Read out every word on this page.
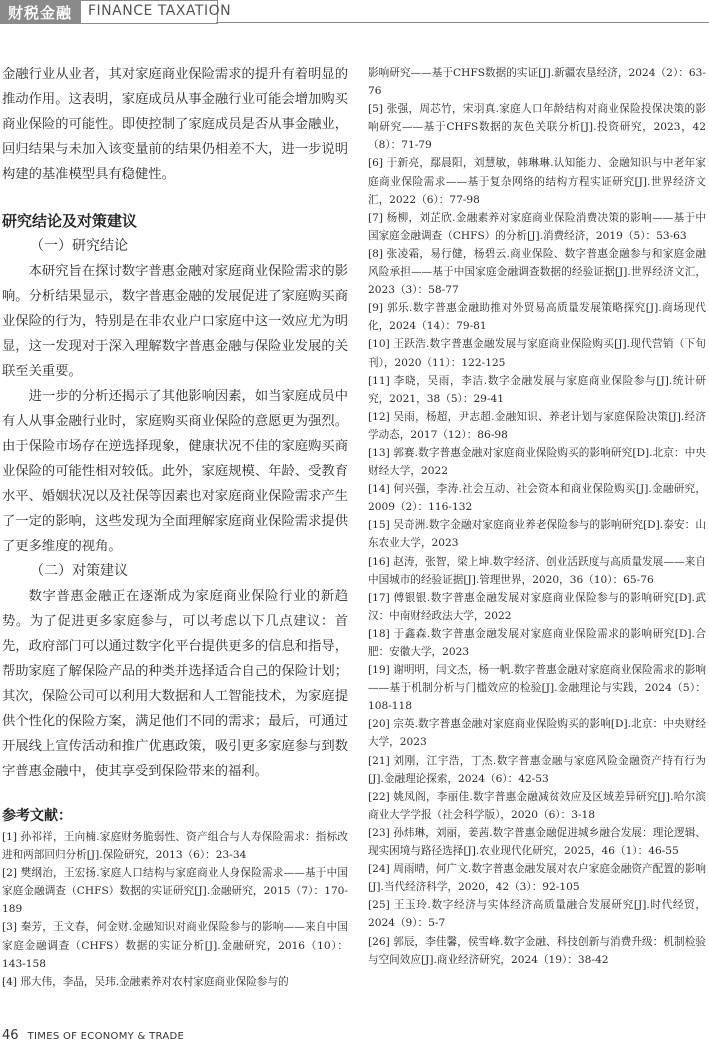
财税金融 FINANCE TAXATION

金融行业从业者，其对家庭商业保险需求的提升有着明显的推动作用。这表明，家庭成员从事金融行业可能会增加购买商业保险的可能性。即使控制了家庭成员是否从事金融业，回归结果与未加入该变量前的结果仍相差不大，进一步说明构建的基准模型具有稳健性。

研究结论及对策建议

（一）研究结论

本研究旨在探讨数字普惠金融对家庭商业保险需求的影响。分析结果显示，数字普惠金融的发展促进了家庭购买商业保险的行为，特别是在非农业户口家庭中这一效应尤为明显，这一发现对于深入理解数字普惠金融与保险业发展的关联至关重要。

进一步的分析还揭示了其他影响因素，如当家庭成员中有人从事金融行业时，家庭购买商业保险的意愿更为强烈。由于保险市场存在逆选择现象，健康状况不佳的家庭购买商业保险的可能性相对较低。此外，家庭规模、年龄、受教育水平、婚姻状况以及社保等因素也对家庭商业保险需求产生了一定的影响，这些发现为全面理解家庭商业保险需求提供了更多维度的视角。

（二）对策建议

数字普惠金融正在逐渐成为家庭商业保险行业的新趋势。为了促进更多家庭参与，可以考虑以下几点建议：首先，政府部门可以通过数字化平台提供更多的信息和指导，帮助家庭了解保险产品的种类并选择适合自己的保险计划；其次，保险公司可以利用大数据和人工智能技术，为家庭提供个性化的保险方案，满足他们不同的需求；最后，可通过开展线上宣传活动和推广优惠政策，吸引更多家庭参与到数字普惠金融中，使其享受到保险带来的福利。

参考文献：

[1] 孙祁祥，王向楠.家庭财务脆弱性、资产组合与人寿保险需求：指标改进和两部回归分析[J].保险研究，2013（6）：23-34

[2] 樊纲治，王宏扬.家庭人口结构与家庭商业人身保险需求——基于中国家庭金融调查（CHFS）数据的实证研究[J].金融研究，2015（7）：170-189

[3] 秦芳，王文春，何金财.金融知识对商业保险参与的影响——来自中国家庭金融调查（CHFS）数据的实证分析[J].金融研究，2016（10）：143-158

[4] 邢大伟，李晶，吴玮.金融素养对农村家庭商业保险参与的

影响研究——基于CHFS数据的实证[J].新疆农垦经济，2024（2）：63-76

[5] 张强，周芯竹，宋羽真.家庭人口年龄结构对商业保险投保决策的影响研究——基于CHFS数据的灰色关联分析[J].投资研究，2023，42（8）：71-79

[6] 于新亮，鄢晨阳，刘慧敏，韩琳琳.认知能力、金融知识与中老年家庭商业保险需求——基于复杂网络的结构方程实证研究[J].世界经济文汇，2022（6）：77-98

[7] 杨柳，刘芷欣.金融素养对家庭商业保险消费决策的影响——基于中国家庭金融调查（CHFS）的分析[J].消费经济，2019（5）：53-63

[8] 张凌霜，易行健，杨碧云.商业保险、数字普惠金融参与和家庭金融风险承担——基于中国家庭金融调查数据的经验证据[J].世界经济文汇，2023（3）：58-77

[9] 郭乐.数字普惠金融助推对外贸易高质量发展策略探究[J].商场现代化，2024（14）：79-81

[10] 王跃浩.数字普惠金融发展与家庭商业保险购买[J].现代营销（下旬刊），2020（11）：122-125

[11] 李晓，吴雨，李洁.数字金融发展与家庭商业保险参与[J].统计研究，2021，38（5）：29-41

[12] 吴雨，杨超，尹志超.金融知识、养老计划与家庭保险决策[J].经济学动态，2017（12）：86-98

[13] 郭赛.数字普惠金融对家庭商业保险购买的影响研究[D].北京：中央财经大学，2022

[14] 何兴强，李涛.社会互动、社会资本和商业保险购买[J].金融研究，2009（2）：116-132

[15] 吴奇洲.数字金融对家庭商业养老保险参与的影响研究[D].泰安：山东农业大学，2023

[16] 赵涛，张智，梁上坤.数字经济、创业活跃度与高质量发展——来自中国城市的经验证据[J].管理世界，2020，36（10）：65-76

[17] 傅银银.数字普惠金融发展对家庭商业保险参与的影响研究[D].武汉：中南财经政法大学，2022

[18] 于鑫森.数字普惠金融发展对家庭商业保险需求的影响研究[D].合肥：安徽大学，2023

[19] 谢明明，闫文杰，杨一帆.数字普惠金融对家庭商业保险需求的影响——基于机制分析与门槛效应的检验[J].金融理论与实践，2024（5）：108-118

[20] 宗英.数字普惠金融对家庭商业保险购买的影响[D].北京：中央财经大学，2023

[21] 刘刚，江宇浩，丁杰.数字普惠金融与家庭风险金融资产持有行为[J].金融理论探索，2024（6）：42-53

[22] 姚凤阁，李丽佳.数字普惠金融减贫效应及区域差异研究[J].哈尔滨商业大学学报（社会科学版），2020（6）：3-18

[23] 孙炜琳，刘丽，姜茜.数字普惠金融促进城乡融合发展：理论逻辑、现实困境与路径选择[J].农业现代化研究，2025，46（1）：46-55

[24] 周雨晴，何广文.数字普惠金融发展对农户家庭金融资产配置的影响[J].当代经济科学，2020，42（3）：92-105

[25] 王玉玲.数字经济与实体经济高质量融合发展研究[J].时代经贸，2024（9）：5-7

[26] 郭辰，李佳馨，侯雪峰.数字金融、科技创新与消费升级：机制检验与空间效应[J].商业经济研究，2024（19）：38-42

46 TIMES OF ECONOMY & TRADE
